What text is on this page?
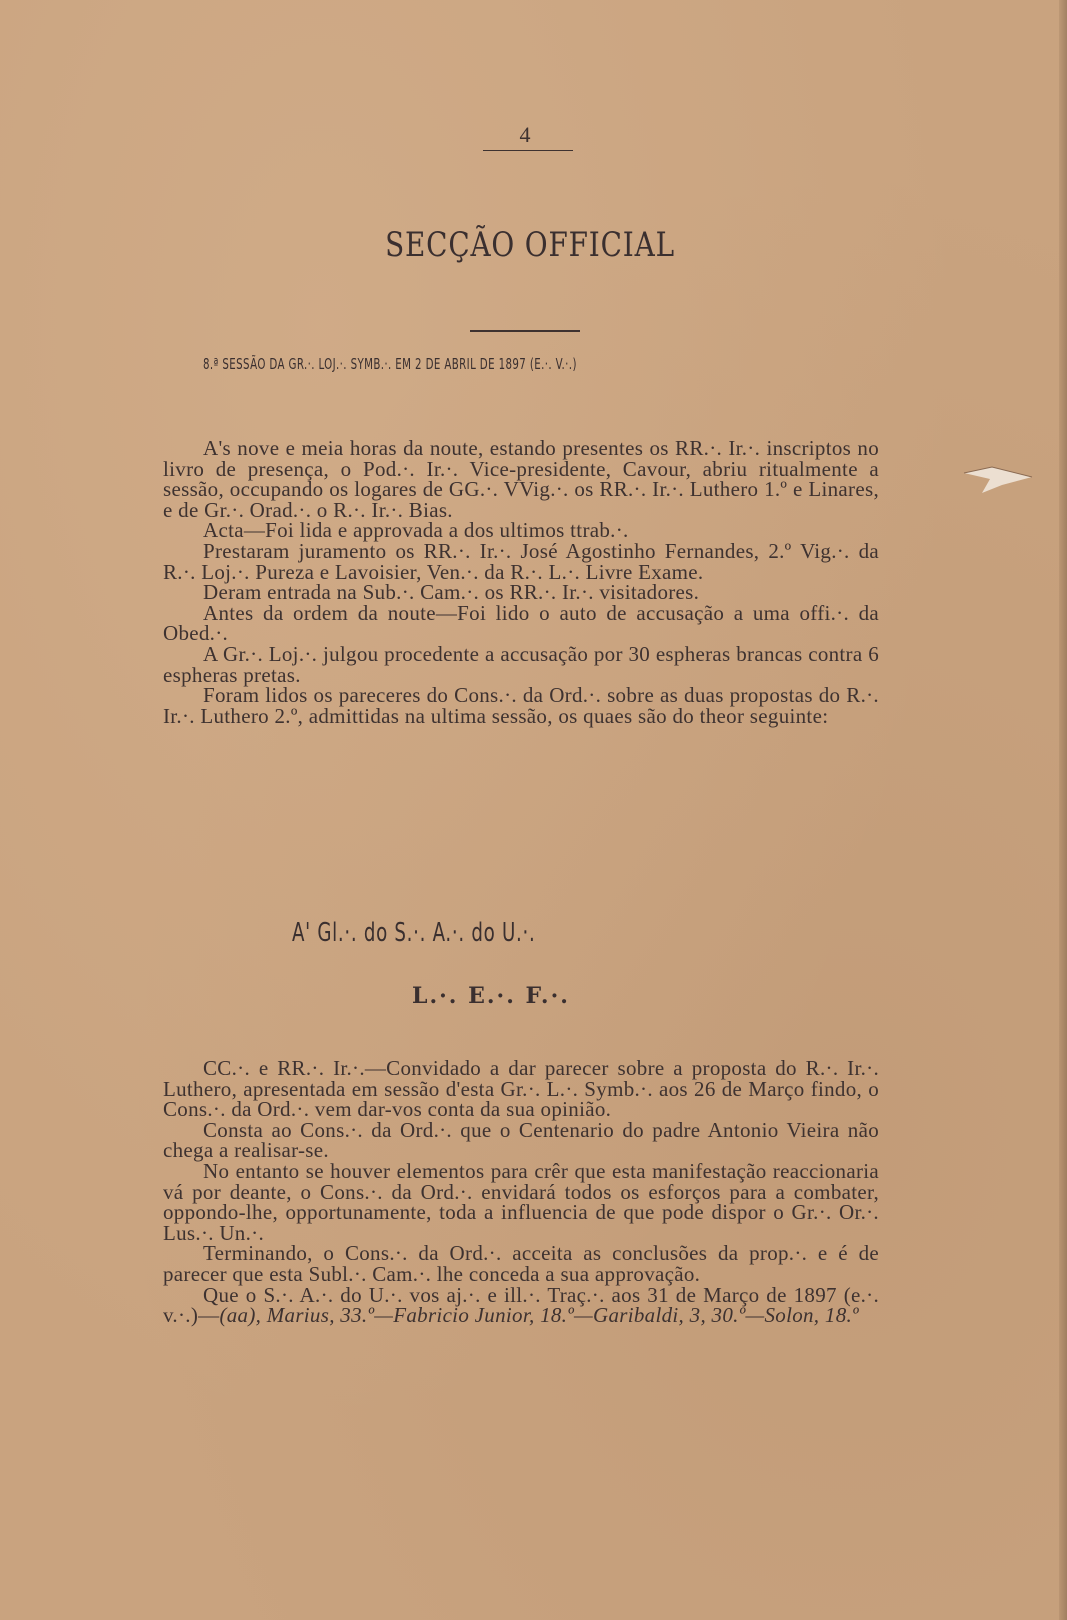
4
SECÇÃO OFFICIAL
8.ª SESSÃO DA GR.·. LOJ.·. SYMB.·. EM 2 DE ABRIL DE 1897 (E.·. V.·.)

A's nove e meia horas da noute, estando presentes os RR.·. Ir.·. inscriptos no livro de presença, o Pod.·. Ir.·. Vice-presidente, Cavour, abriu ritualmente a sessão, occupando os logares de GG.·. VVig.·. os RR.·. Ir.·. Luthero 1.º e Linares, e de Gr.·. Orad.·. o R.·. Ir.·. Bias.

Acta—Foi lida e approvada a dos ultimos ttrab.·.

Prestaram juramento os RR.·. Ir.·. José Agostinho Fernandes, 2.º Vig.·. da R.·. Loj.·. Pureza e Lavoisier, Ven.·. da R.·. L.·. Livre Exame.

Deram entrada na Sub.·. Cam.·. os RR.·. Ir.·. visitadores.

Antes da ordem da noute—Foi lido o auto de accusação a uma offi.·. da Obed.·.

A Gr.·. Loj.·. julgou procedente a accusação por 30 espheras brancas contra 6 espheras pretas.

Foram lidos os pareceres do Cons.·. da Ord.·. sobre as duas propostas do R.·. Ir.·. Luthero 2.º, admittidas na ultima sessão, os quaes são do theor seguinte:

A' Gl.·. do S.·. A.·. do U.·.
L.·. E.·. F.·.

CC.·. e RR.·. Ir.·.—Convidado a dar parecer sobre a proposta do R.·. Ir.·. Luthero, apresentada em sessão d'esta Gr.·. L.·. Symb.·. aos 26 de Março findo, o Cons.·. da Ord.·. vem dar-vos conta da sua opinião.

Consta ao Cons.·. da Ord.·. que o Centenario do padre Antonio Vieira não chega a realisar-se.

No entanto se houver elementos para crêr que esta manifestação reaccionaria vá por deante, o Cons.·. da Ord.·. envidará todos os esforços para a combater, oppondo-lhe, opportunamente, toda a influencia de que pode dispor o Gr.·. Or.·. Lus.·. Un.·.

Terminando, o Cons.·. da Ord.·. acceita as conclusões da prop.·. e é de parecer que esta Subl.·. Cam.·. lhe conceda a sua approvação.

Que o S.·. A.·. do U.·. vos aj.·. e ill.·. Traç.·. aos 31 de Março de 1897 (e.·. v.·.)—(aa), Marius, 33.º—Fabricio Junior, 18.º—Garibaldi, 3, 30.º—Solon, 18.º
